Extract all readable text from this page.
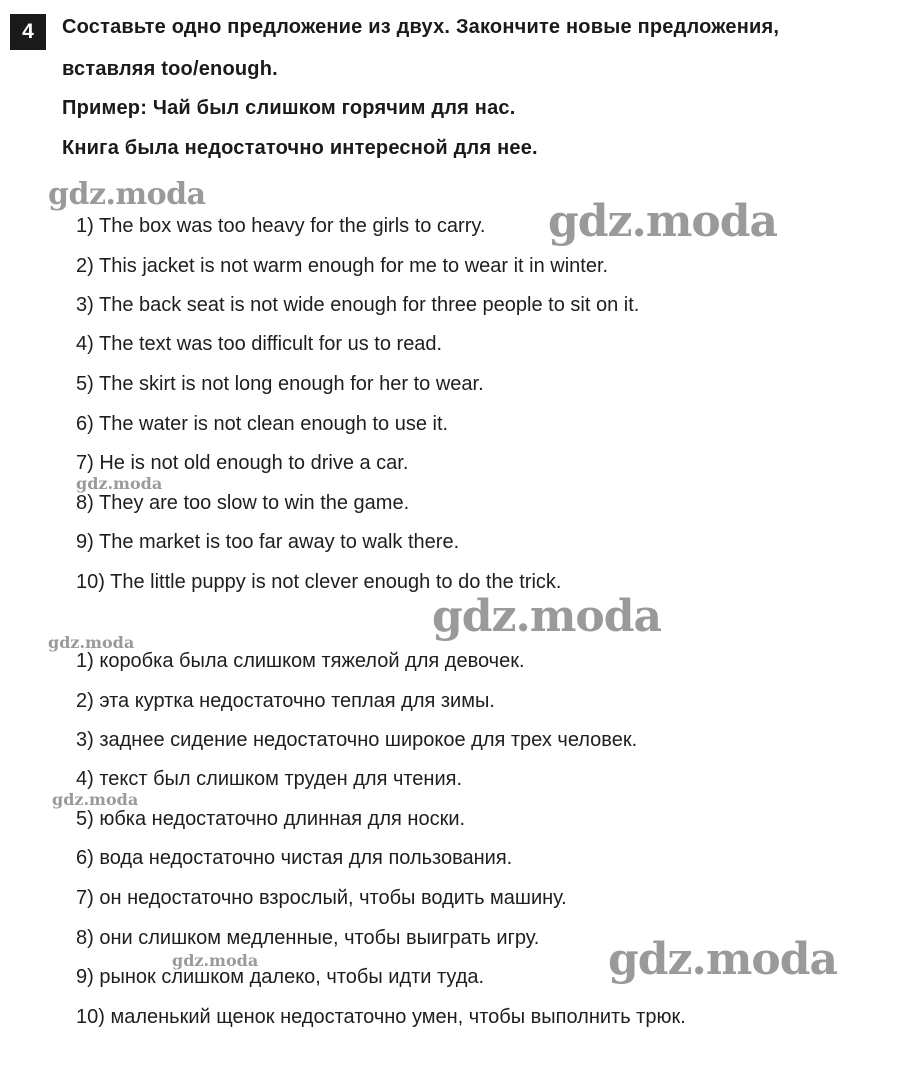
4	Составьте одно предложение из двух. Закончите новые предложения,
вставляя too/enough.
Пример: Чай был слишком горячим для нас.
Книга была недостаточно интересной для нее.
1) The box was too heavy for the girls to carry.
2) This jacket is not warm enough for me to wear it in winter.
3) The back seat is not wide enough for three people to sit on it.
4) The text was too difficult for us to read.
5) The skirt is not long enough for her to wear.
6) The water is not clean enough to use it.
7) He is not old enough to drive a car.
8) They are too slow to win the game.
9) The market is too far away to walk there.
10) The little puppy is not clever enough to do the trick.
1) коробка была слишком тяжелой для девочек.
2) эта куртка недостаточно теплая для зимы.
3) заднее сидение недостаточно широкое для трех человек.
4) текст был слишком труден для чтения.
5) юбка недостаточно длинная для носки.
6) вода недостаточно чистая для пользования.
7) он недостаточно взрослый, чтобы водить машину.
8) они слишком медленные, чтобы выиграть игру.
9) рынок слишком далеко, чтобы идти туда.
10) маленький щенок недостаточно умен, чтобы выполнить трюк.
gdz.moda
gdz.moda
gdz.moda
gdz.moda
gdz.moda
gdz.moda
gdz.moda
gdz.moda
